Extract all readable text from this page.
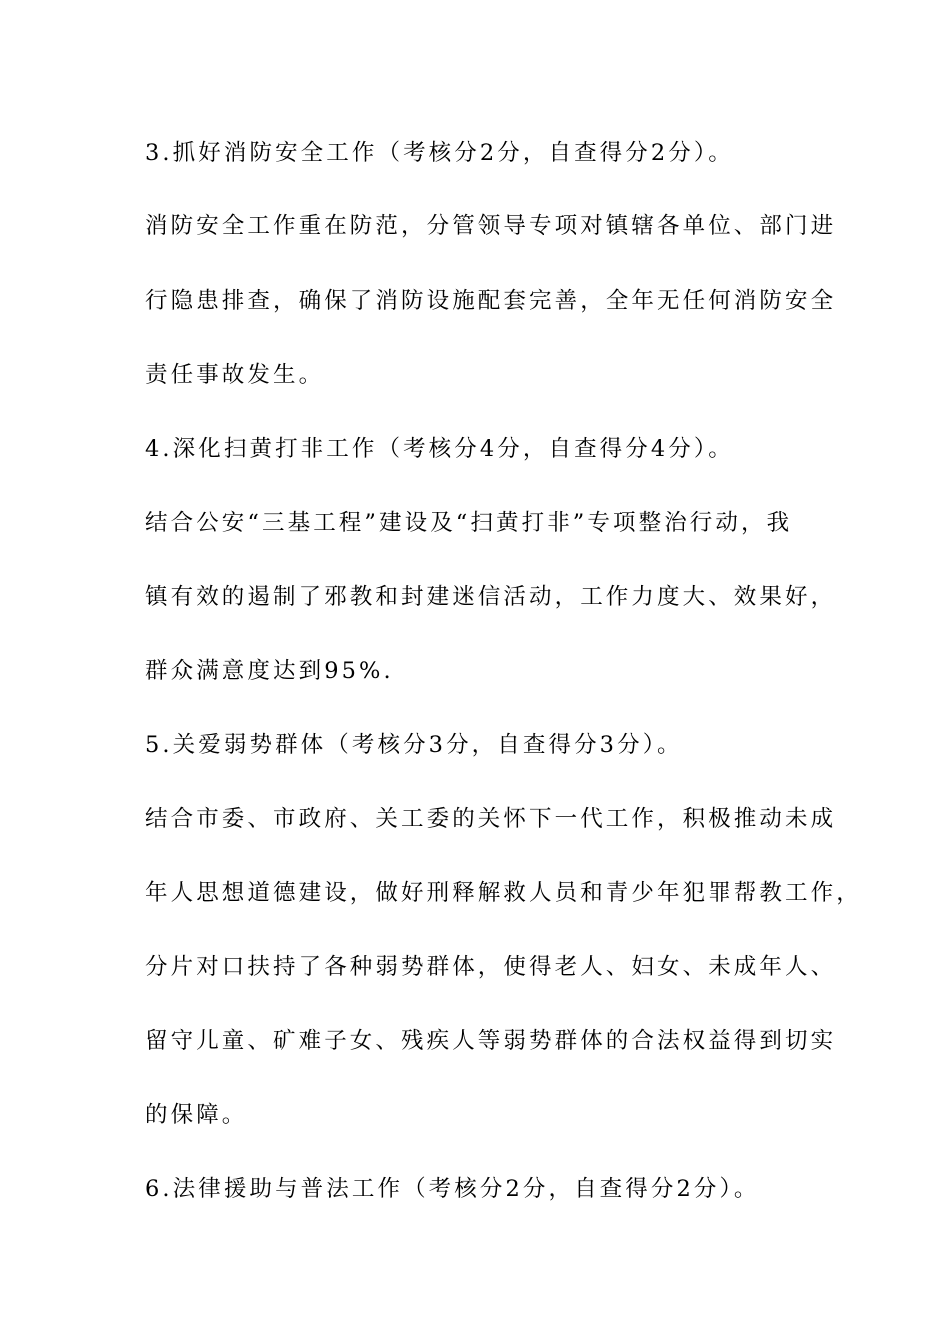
3.抓好消防安全工作（考核分2分，自查得分2分）。
消防安全工作重在防范，分管领导专项对镇辖各单位、部门进
行隐患排查，确保了消防设施配套完善，全年无任何消防安全
责任事故发生。
4.深化扫黄打非工作（考核分4分，自查得分4分）。
结合公安“三基工程”建设及“扫黄打非”专项整治行动，我
镇有效的遏制了邪教和封建迷信活动，工作力度大、效果好，
群众满意度达到95%.
5.关爱弱势群体（考核分3分，自查得分3分）。
结合市委、市政府、关工委的关怀下一代工作，积极推动未成
年人思想道德建设，做好刑释解救人员和青少年犯罪帮教工作，
分片对口扶持了各种弱势群体，使得老人、妇女、未成年人、
留守儿童、矿难子女、残疾人等弱势群体的合法权益得到切实
的保障。
6.法律援助与普法工作（考核分2分，自查得分2分）。
